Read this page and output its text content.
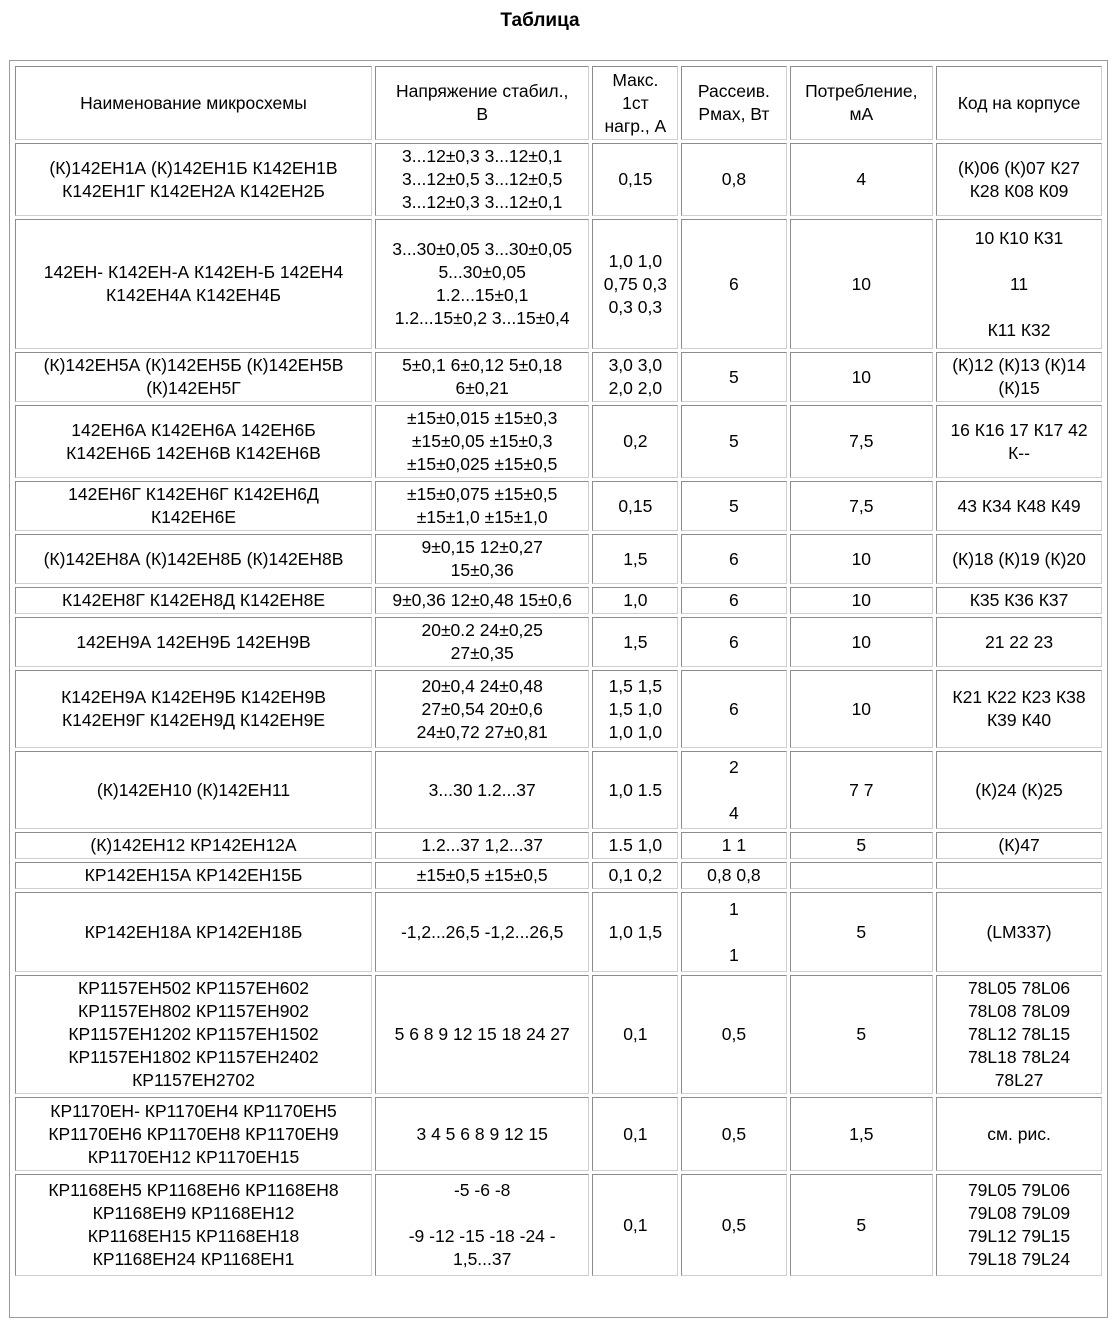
Таблица
Наименование микросхемы	Напряжение стабил.,
В	Макс.
1ст
нагр., А	Рассеив.
Pмах, Вт	Потребление,
мА	Код на корпусе

(К)142ЕН1А (К)142ЕН1Б К142ЕН1В
К142ЕН1Г К142ЕН2А К142ЕН2Б	3...12±0,3 3...12±0,1
3...12±0,5 3...12±0,5
3...12±0,3 3...12±0,1	0,15	0,8	4	(К)06 (К)07 К27
К28 К08 К09

142ЕН- К142ЕН-А К142ЕН-Б 142ЕН4
К142ЕН4А К142ЕН4Б	3...30±0,05 3...30±0,05
5...30±0,05
1.2...15±0,1
1.2...15±0,2 3...15±0,4	1,0 1,0
0,75 0,3
0,3 0,3	6	10	10 К10 К31
11
К11 К32

(К)142ЕН5А (К)142ЕН5Б (К)142ЕН5В
(К)142ЕН5Г	5±0,1 6±0,12 5±0,18
6±0,21	3,0 3,0
2,0 2,0	5	10	(К)12 (К)13 (К)14
(К)15

142ЕН6А К142ЕН6А 142ЕН6Б
К142ЕН6Б 142ЕН6В К142ЕН6В	±15±0,015 ±15±0,3
±15±0,05 ±15±0,3
±15±0,025 ±15±0,5	0,2	5	7,5	16 К16 17 К17 42
К--

142ЕН6Г К142ЕН6Г К142ЕН6Д
К142ЕН6Е	±15±0,075 ±15±0,5
±15±1,0 ±15±1,0	0,15	5	7,5	43 К34 К48 К49

(К)142ЕН8А (К)142ЕН8Б (К)142ЕН8В	9±0,15 12±0,27
15±0,36	1,5	6	10	(К)18 (К)19 (К)20

К142ЕН8Г К142ЕН8Д К142ЕН8Е	9±0,36 12±0,48 15±0,6	1,0	6	10	К35 К36 К37

142ЕН9А 142ЕН9Б 142ЕН9В	20±0.2 24±0,25
27±0,35	1,5	6	10	21 22 23

К142ЕН9А К142ЕН9Б К142ЕН9В
К142ЕН9Г К142ЕН9Д К142ЕН9Е	20±0,4 24±0,48
27±0,54 20±0,6
24±0,72 27±0,81	1,5 1,5
1,5 1,0
1,0 1,0	6	10	К21 К22 К23 К38
К39 К40

(К)142ЕН10 (К)142ЕН11	3...30 1.2...37	1,0 1.5	2
4	7 7	(К)24 (К)25

(К)142ЕН12 КР142ЕН12А	1.2...37 1,2...37	1.5 1,0	1 1	5	(К)47

КР142ЕН15А КР142ЕН15Б	±15±0,5 ±15±0,5	0,1 0,2	0,8 0,8		

КР142ЕН18А КР142ЕН18Б	-1,2...26,5 -1,2...26,5	1,0 1,5	1
1	5	(LM337)

КР1157ЕН502 КР1157ЕН602
КР1157ЕН802 КР1157ЕН902
КР1157ЕН1202 КР1157ЕН1502
КР1157ЕН1802 КР1157ЕН2402
КР1157ЕН2702	5 6 8 9 12 15 18 24 27	0,1	0,5	5	78L05 78L06
78L08 78L09
78L12 78L15
78L18 78L24
78L27

КР1170ЕН- КР1170ЕН4 КР1170ЕН5
КР1170ЕН6 КР1170ЕН8 КР1170ЕН9
КР1170ЕН12 КР1170ЕН15	3 4 5 6 8 9 12 15	0,1	0,5	1,5	см. рис.

КР1168ЕН5 КР1168ЕН6 КР1168ЕН8
КР1168ЕН9 КР1168ЕН12
КР1168ЕН15 КР1168ЕН18
КР1168ЕН24 КР1168ЕН1	-5 -6 -8
-9 -12 -15 -18 -24 -
1,5...37	0,1	0,5	5	79L05 79L06
79L08 79L09
79L12 79L15
79L18 79L24
